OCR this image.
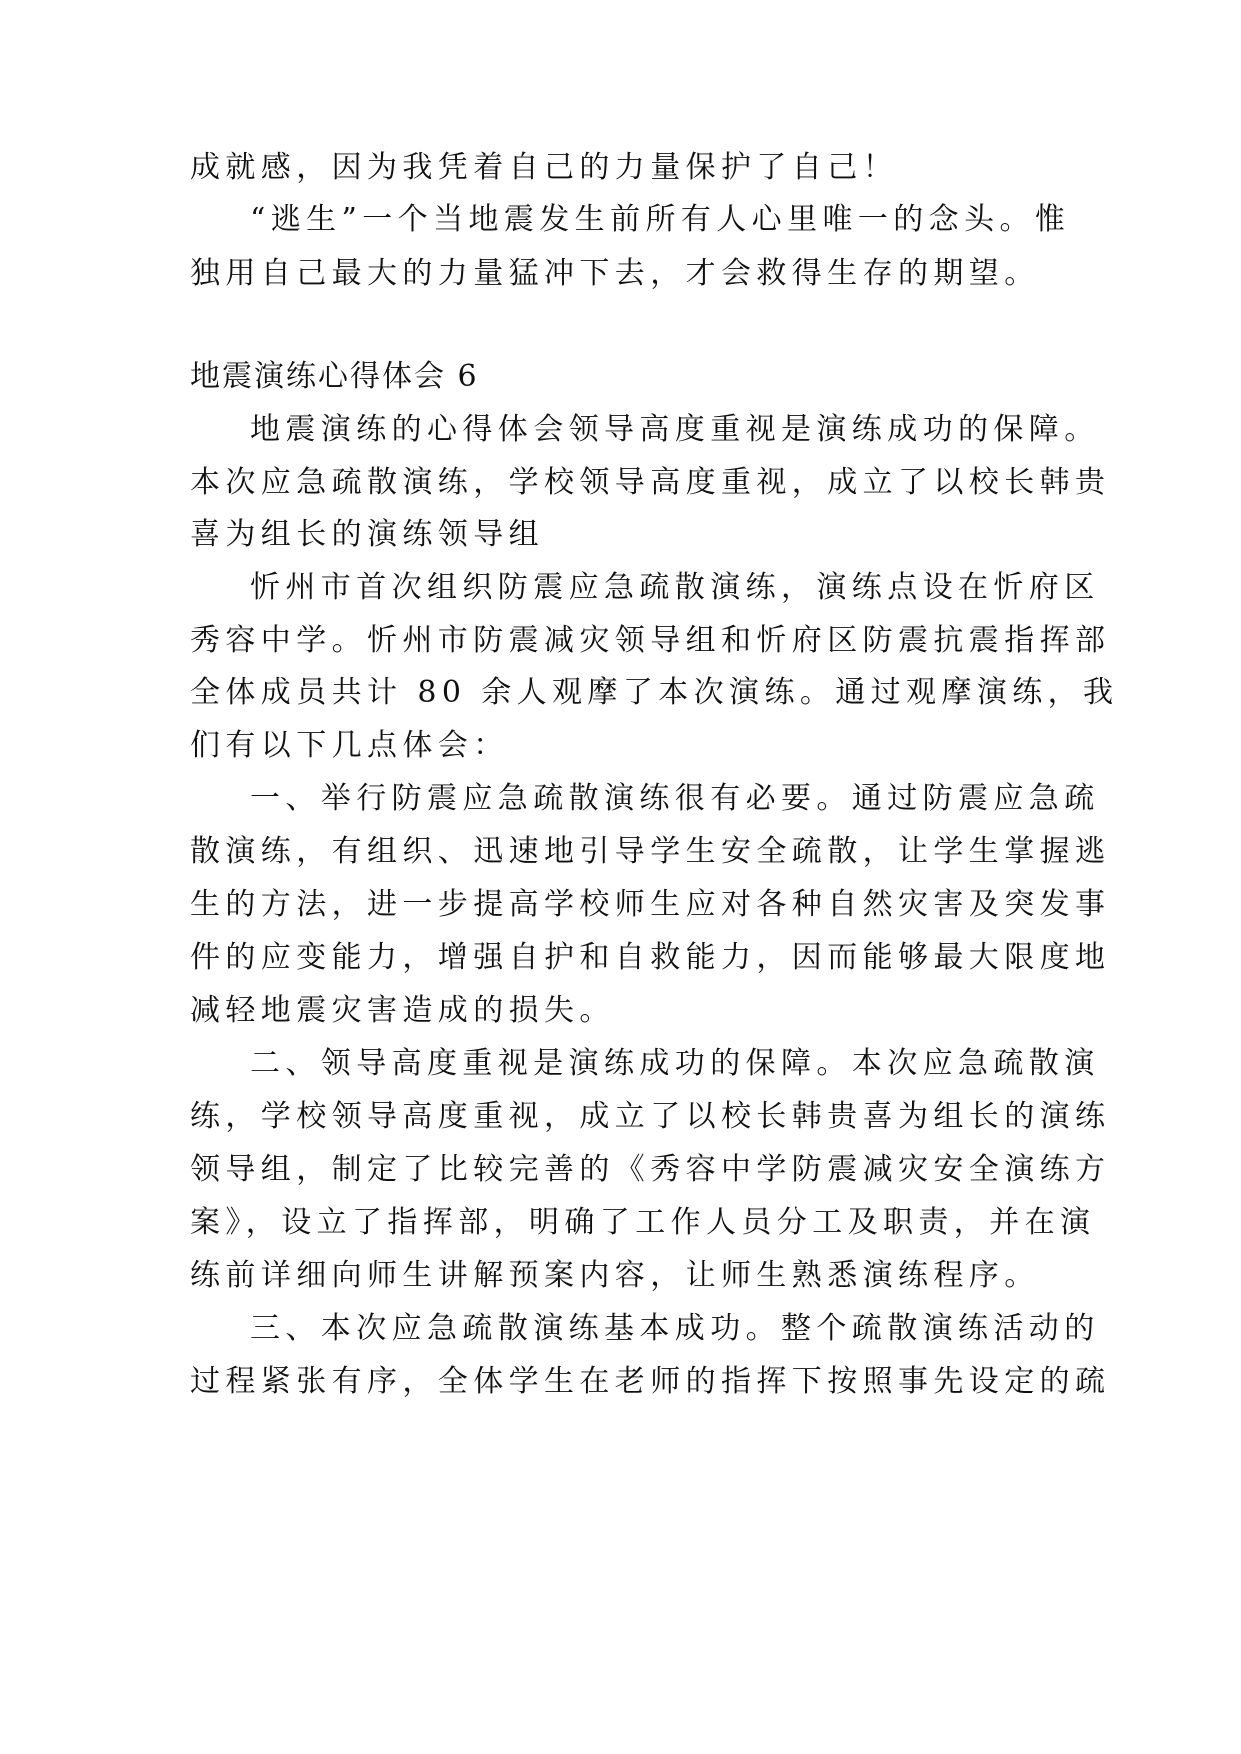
成就感，因为我凭着自己的力量保护了自己！
“逃生”一个当地震发生前所有人心里唯一的念头。惟
独用自己最大的力量猛冲下去，才会救得生存的期望。
地震演练心得体会 6
地震演练的心得体会领导高度重视是演练成功的保障。
本次应急疏散演练，学校领导高度重视，成立了以校长韩贵
喜为组长的演练领导组
忻州市首次组织防震应急疏散演练，演练点设在忻府区
秀容中学。忻州市防震减灾领导组和忻府区防震抗震指挥部
全体成员共计 80 余人观摩了本次演练。通过观摩演练，我
们有以下几点体会：
一、举行防震应急疏散演练很有必要。通过防震应急疏
散演练，有组织、迅速地引导学生安全疏散，让学生掌握逃
生的方法，进一步提高学校师生应对各种自然灾害及突发事
件的应变能力，增强自护和自救能力，因而能够最大限度地
减轻地震灾害造成的损失。
二、领导高度重视是演练成功的保障。本次应急疏散演
练，学校领导高度重视，成立了以校长韩贵喜为组长的演练
领导组，制定了比较完善的《秀容中学防震减灾安全演练方
案》，设立了指挥部，明确了工作人员分工及职责，并在演
练前详细向师生讲解预案内容，让师生熟悉演练程序。
三、本次应急疏散演练基本成功。整个疏散演练活动的
过程紧张有序，全体学生在老师的指挥下按照事先设定的疏
